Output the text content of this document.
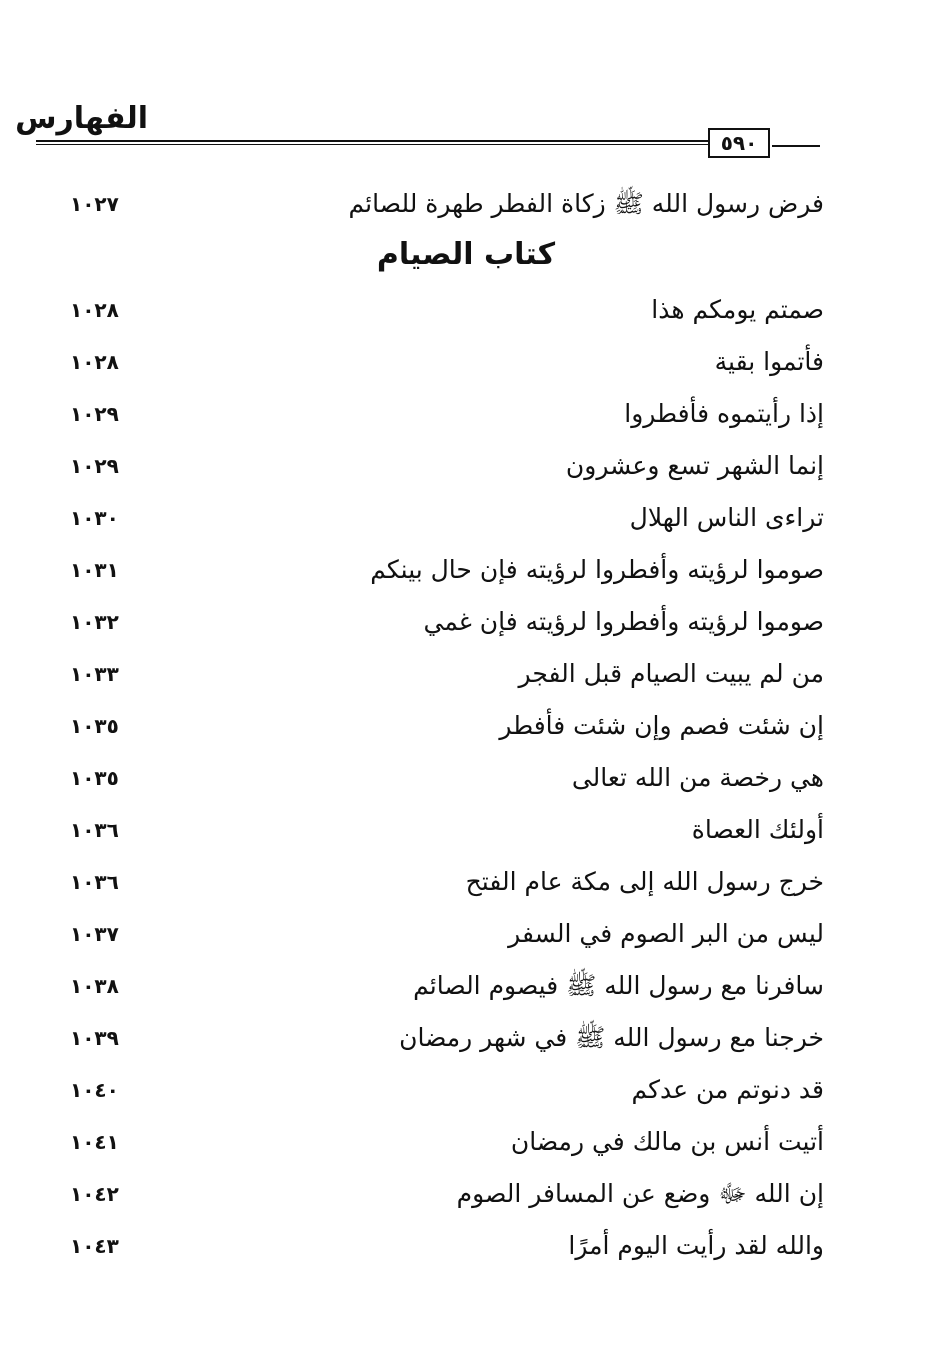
الفهارس
٥٩٠
فرض رسول الله ﷺ زكاة الفطر طهرة للصائم
١٠٢٧
كتاب الصيام
صمتم يومكم هذا
١٠٢٨
فأتموا بقية
١٠٢٨
إذا رأيتموه فأفطروا
١٠٢٩
إنما الشهر تسع وعشرون
١٠٢٩
تراءى الناس الهلال
١٠٣٠
صوموا لرؤيته وأفطروا لرؤيته فإن حال بينكم
١٠٣١
صوموا لرؤيته وأفطروا لرؤيته فإن غمي
١٠٣٢
من لم يبيت الصيام قبل الفجر
١٠٣٣
إن شئت فصم وإن شئت فأفطر
١٠٣٥
هي رخصة من الله تعالى
١٠٣٥
أولئك العصاة
١٠٣٦
خرج رسول الله إلى مكة عام الفتح
١٠٣٦
ليس من البر الصوم في السفر
١٠٣٧
سافرنا مع رسول الله ﷺ فيصوم الصائم
١٠٣٨
خرجنا مع رسول الله ﷺ في شهر رمضان
١٠٣٩
قد دنوتم من عدكم
١٠٤٠
أتيت أنس بن مالك في رمضان
١٠٤١
إن الله ﷻ وضع عن المسافر الصوم
١٠٤٢
والله لقد رأيت اليوم أمرًا
١٠٤٣
